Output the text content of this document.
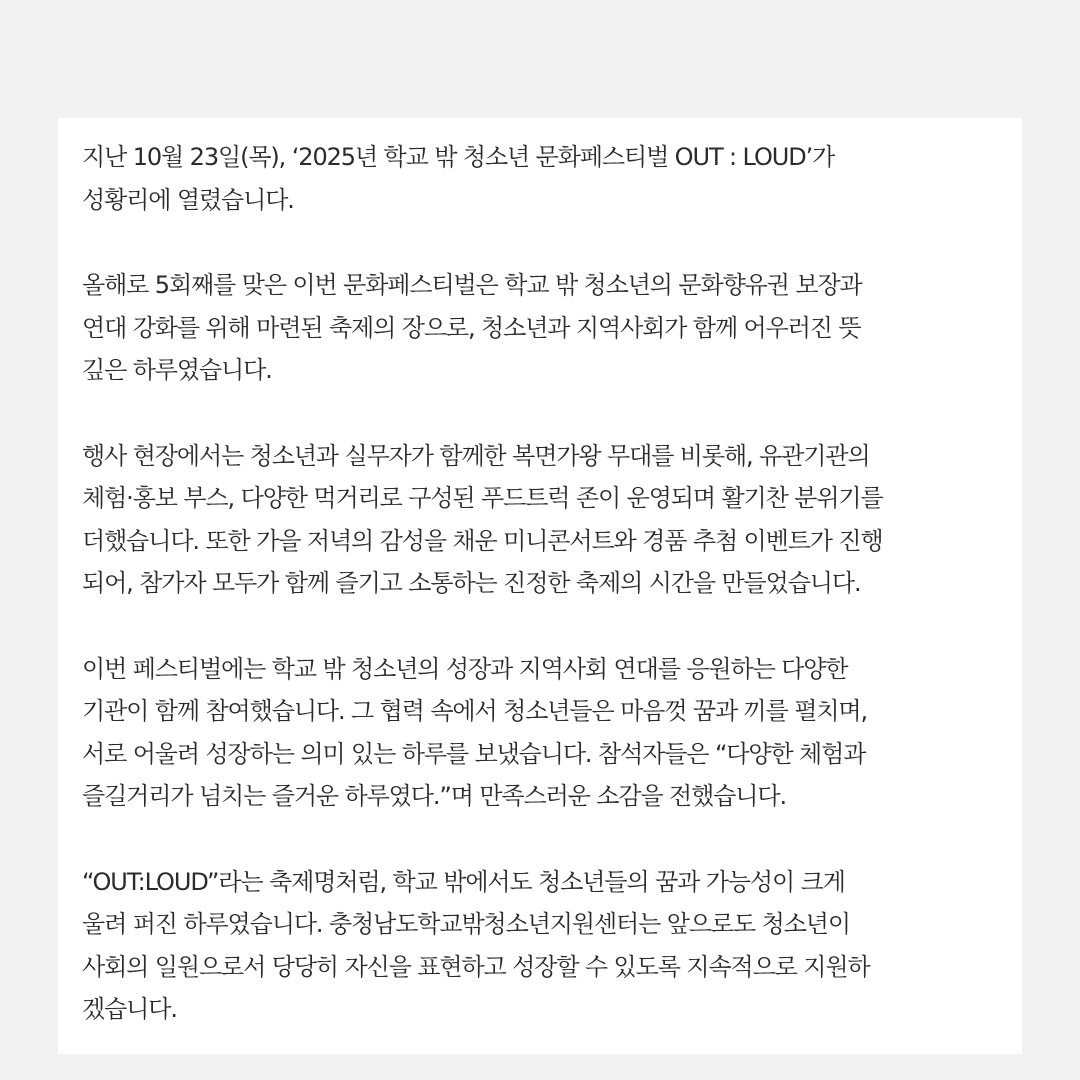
지난 10월 23일(목), ‘2025년 학교 밖 청소년 문화페스티벌 OUT : LOUD’가
성황리에 열렸습니다.

올해로 5회째를 맞은 이번 문화페스티벌은 학교 밖 청소년의 문화향유권 보장과
연대 강화를 위해 마련된 축제의 장으로, 청소년과 지역사회가 함께 어우러진 뜻
깊은 하루였습니다.

행사 현장에서는 청소년과 실무자가 함께한 복면가왕 무대를 비롯해, 유관기관의
체험·홍보 부스, 다양한 먹거리로 구성된 푸드트럭 존이 운영되며 활기찬 분위기를
더했습니다. 또한 가을 저녁의 감성을 채운 미니콘서트와 경품 추첨 이벤트가 진행
되어, 참가자 모두가 함께 즐기고 소통하는 진정한 축제의 시간을 만들었습니다.

이번 페스티벌에는 학교 밖 청소년의 성장과 지역사회 연대를 응원하는 다양한
기관이 함께 참여했습니다. 그 협력 속에서 청소년들은 마음껏 꿈과 끼를 펼치며,
서로 어울려 성장하는 의미 있는 하루를 보냈습니다. 참석자들은 “다양한 체험과
즐길거리가 넘치는 즐거운 하루였다.”며 만족스러운 소감을 전했습니다.

“OUT:LOUD”라는 축제명처럼, 학교 밖에서도 청소년들의 꿈과 가능성이 크게
울려 퍼진 하루였습니다. 충청남도학교밖청소년지원센터는 앞으로도 청소년이
사회의 일원으로서 당당히 자신을 표현하고 성장할 수 있도록 지속적으로 지원하
겠습니다.
